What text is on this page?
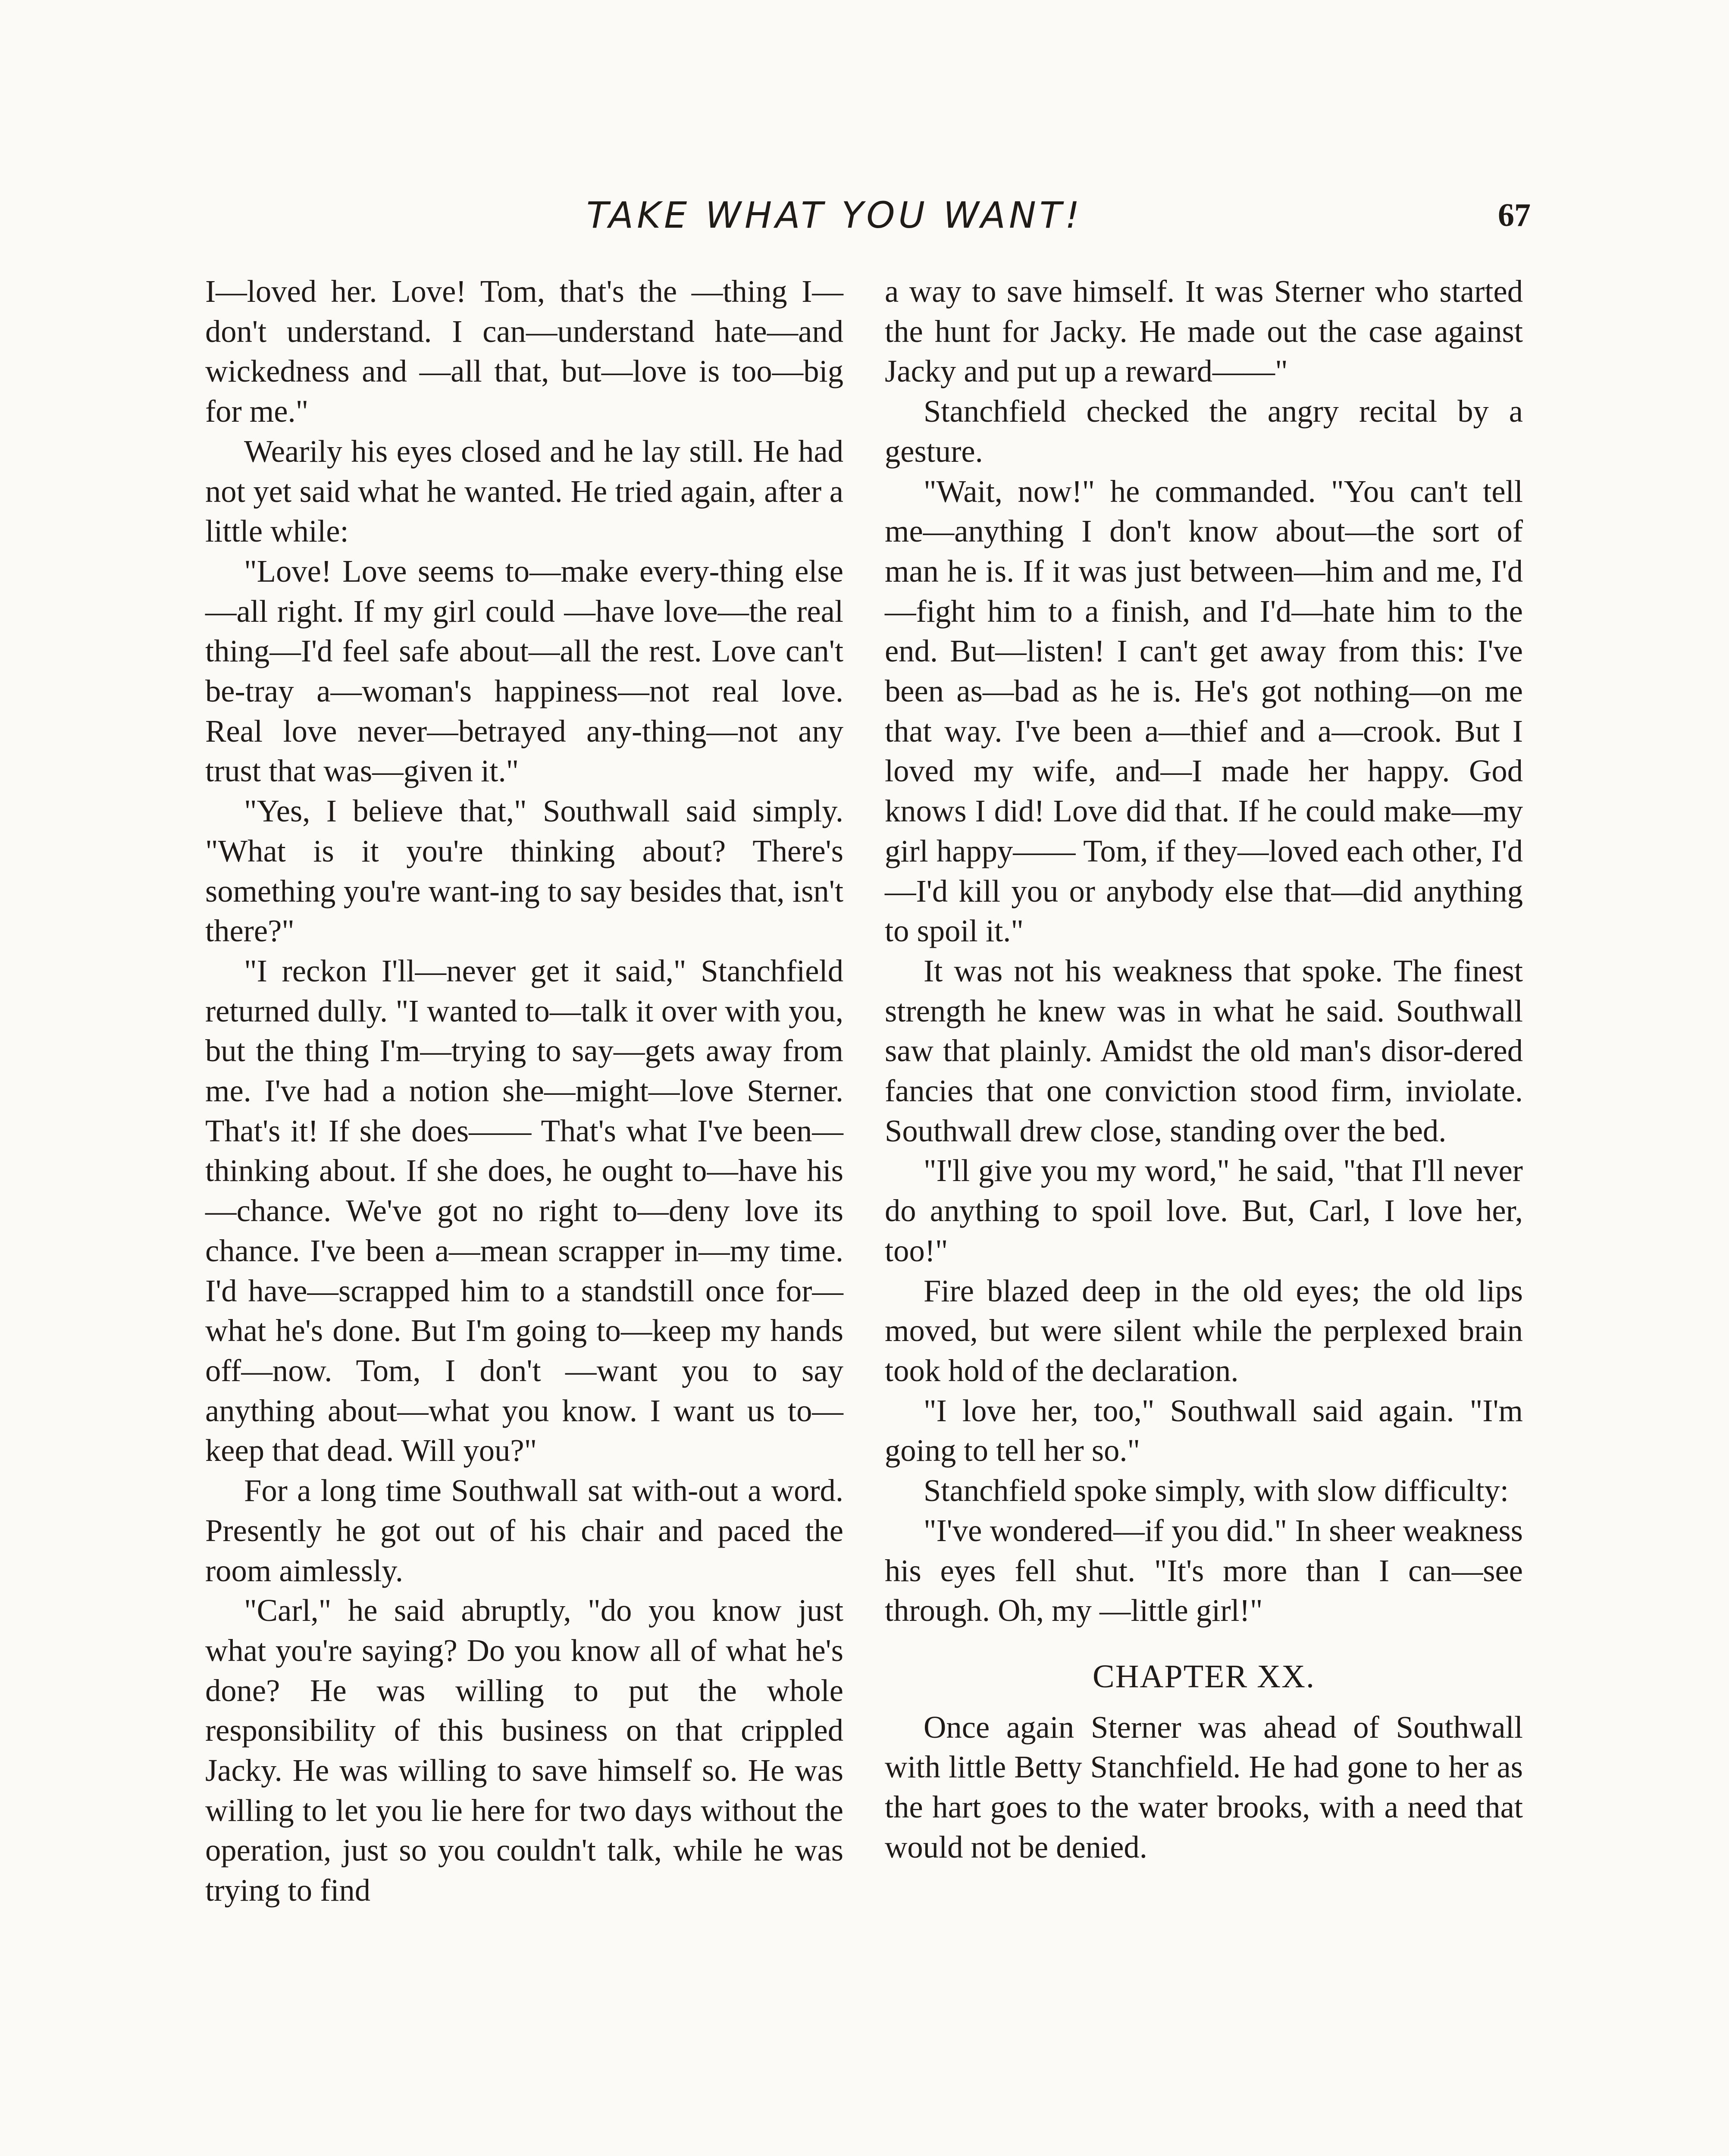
TAKE WHAT YOU WANT!	67

I—loved her. Love! Tom, that's the —thing I—don't understand. I can—understand hate—and wickedness and —all that, but—love is too—big for me."

Wearily his eyes closed and he lay still. He had not yet said what he wanted. He tried again, after a little while:

"Love! Love seems to—make every-thing else—all right. If my girl could —have love—the real thing—I'd feel safe about—all the rest. Love can't be-tray a—woman's happiness—not real love. Real love never—betrayed any-thing—not any trust that was—given it."

"Yes, I believe that," Southwall said simply. "What is it you're thinking about? There's something you're want-ing to say besides that, isn't there?"

"I reckon I'll—never get it said," Stanchfield returned dully. "I wanted to—talk it over with you, but the thing I'm—trying to say—gets away from me. I've had a notion she—might—love Sterner. That's it! If she does—— That's what I've been—thinking about. If she does, he ought to—have his—chance. We've got no right to—deny love its chance. I've been a—mean scrapper in—my time. I'd have—scrapped him to a standstill once for—what he's done. But I'm going to—keep my hands off—now. Tom, I don't —want you to say anything about—what you know. I want us to—keep that dead. Will you?"

For a long time Southwall sat with-out a word. Presently he got out of his chair and paced the room aimlessly.

"Carl," he said abruptly, "do you know just what you're saying? Do you know all of what he's done? He was willing to put the whole responsibility of this business on that crippled Jacky. He was willing to save himself so. He was willing to let you lie here for two days without the operation, just so you couldn't talk, while he was trying to find

a way to save himself. It was Sterner who started the hunt for Jacky. He made out the case against Jacky and put up a reward——"

Stanchfield checked the angry recital by a gesture.

"Wait, now!" he commanded. "You can't tell me—anything I don't know about—the sort of man he is. If it was just between—him and me, I'd—fight him to a finish, and I'd—hate him to the end. But—listen! I can't get away from this: I've been as—bad as he is. He's got nothing—on me that way. I've been a—thief and a—crook. But I loved my wife, and—I made her happy. God knows I did! Love did that. If he could make—my girl happy—— Tom, if they—loved each other, I'd—I'd kill you or anybody else that—did anything to spoil it."

It was not his weakness that spoke. The finest strength he knew was in what he said. Southwall saw that plainly. Amidst the old man's disor-dered fancies that one conviction stood firm, inviolate. Southwall drew close, standing over the bed.

"I'll give you my word," he said, "that I'll never do anything to spoil love. But, Carl, I love her, too!"

Fire blazed deep in the old eyes; the old lips moved, but were silent while the perplexed brain took hold of the declaration.

"I love her, too," Southwall said again. "I'm going to tell her so."

Stanchfield spoke simply, with slow difficulty:

"I've wondered—if you did." In sheer weakness his eyes fell shut. "It's more than I can—see through. Oh, my —little girl!"

CHAPTER XX.

Once again Sterner was ahead of Southwall with little Betty Stanchfield. He had gone to her as the hart goes to the water brooks, with a need that would not be denied.
